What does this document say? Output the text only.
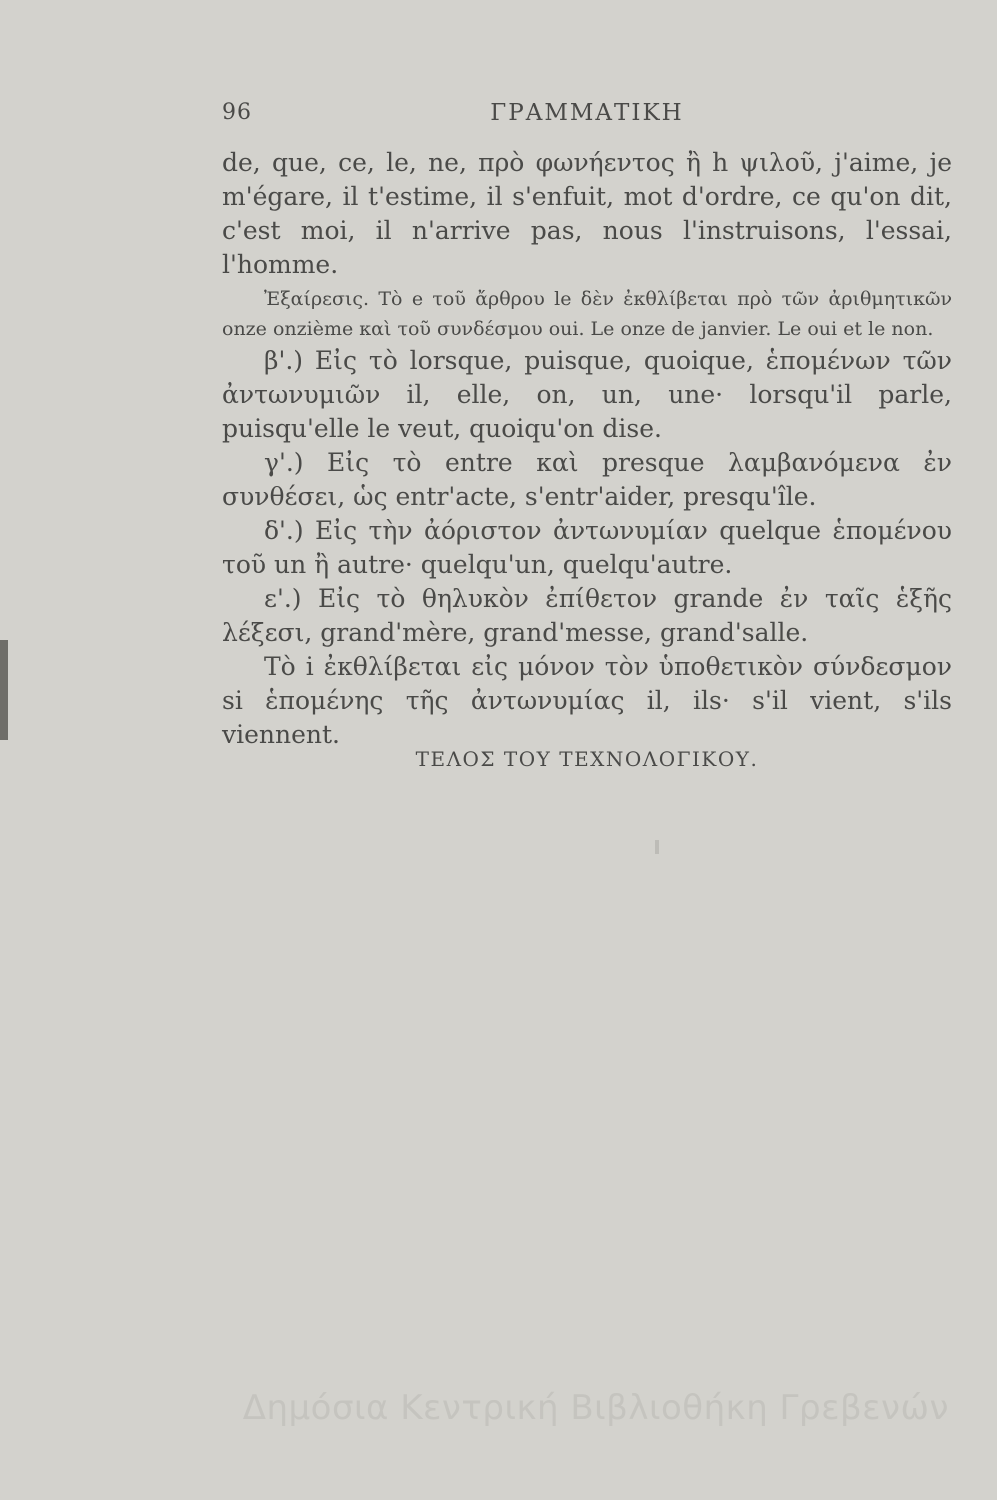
96	ΓΡΑΜΜΑΤΙΚΗ

de, que, ce, le, ne, πρὸ φωνήεντος ἢ h ψιλοῦ, j'aime, je m'égare, il t'estime, il s'enfuit, mot d'ordre, ce qu'on dit, c'est moi, il n'arrive pas, nous l'instruisons, l'essai, l'homme.

Ἐξαίρεσις. Τὸ e τοῦ ἄρθρου le δὲν ἐκθλίβεται πρὸ τῶν ἀριθμητικῶν onze onzième καὶ τοῦ συνδέσμου oui. Le onze de janvier. Le oui et le non.

β'.) Εἰς τὸ lorsque, puisque, quoique, ἑπομένων τῶν ἀντωνυμιῶν il, elle, on, un, une· lorsqu'il parle, puisqu'elle le veut, quoiqu'on dise.

γ'.) Εἰς τὸ entre καὶ presque λαμβανόμενα ἐν συνθέσει, ὡς entr'acte, s'entr'aider, presqu'île.

δ'.) Εἰς τὴν ἀόριστον ἀντωνυμίαν quelque ἑπομένου τοῦ un ἢ autre· quelqu'un, quelqu'autre.

ε'.) Εἰς τὸ θηλυκὸν ἐπίθετον grande ἐν ταῖς ἑξῆς λέξεσι, grand'mère, grand'messe, grand'salle.

Τὸ i ἐκθλίβεται εἰς μόνον τὸν ὑποθετικὸν σύνδεσμον si ἑπομένης τῆς ἀντωνυμίας il, ils· s'il vient, s'ils viennent.

ΤΕΛΟΣ ΤΟΥ ΤΕΧΝΟΛΟΓΙΚΟΥ.
Δημόσια Κεντρική Βιβλιοθήκη Γρεβενών
